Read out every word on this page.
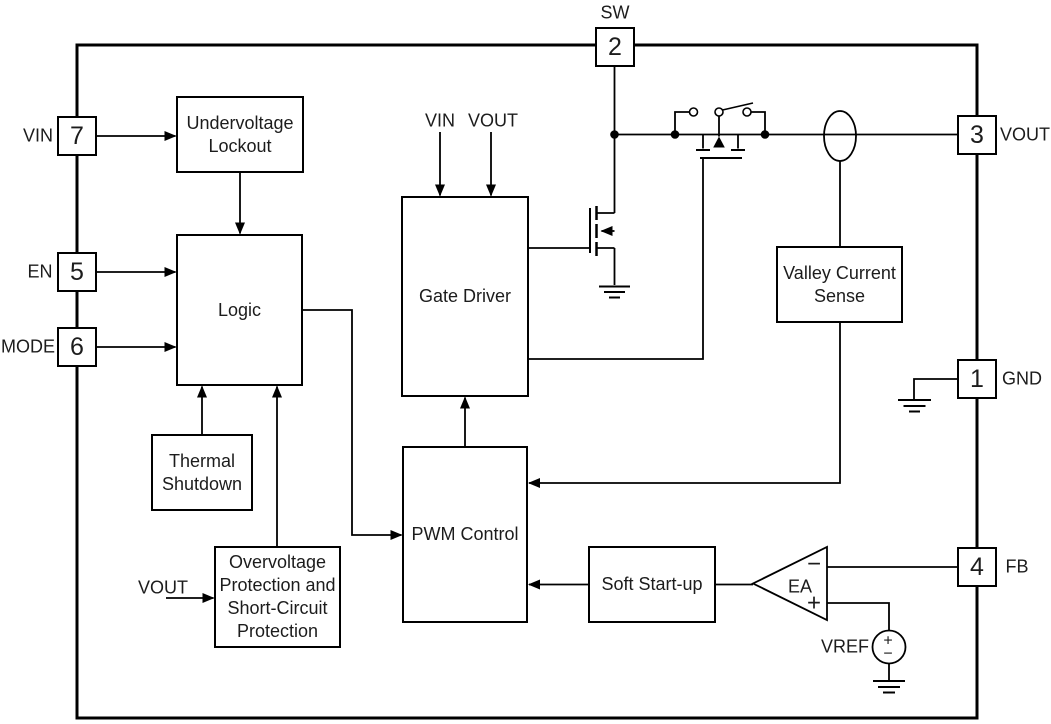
7
5
6
2
3
1
4
VIN
EN
MODE
SW
VOUT
GND
FB
Undervoltage
Lockout
Logic
Thermal
Shutdown
Overvoltage
Protection and
Short-Circuit
Protection
Gate Driver
PWM Control
Soft Start-up
Valley Current
Sense
VIN VOUT
VOUT	EA
VREF
−
+
+
−
